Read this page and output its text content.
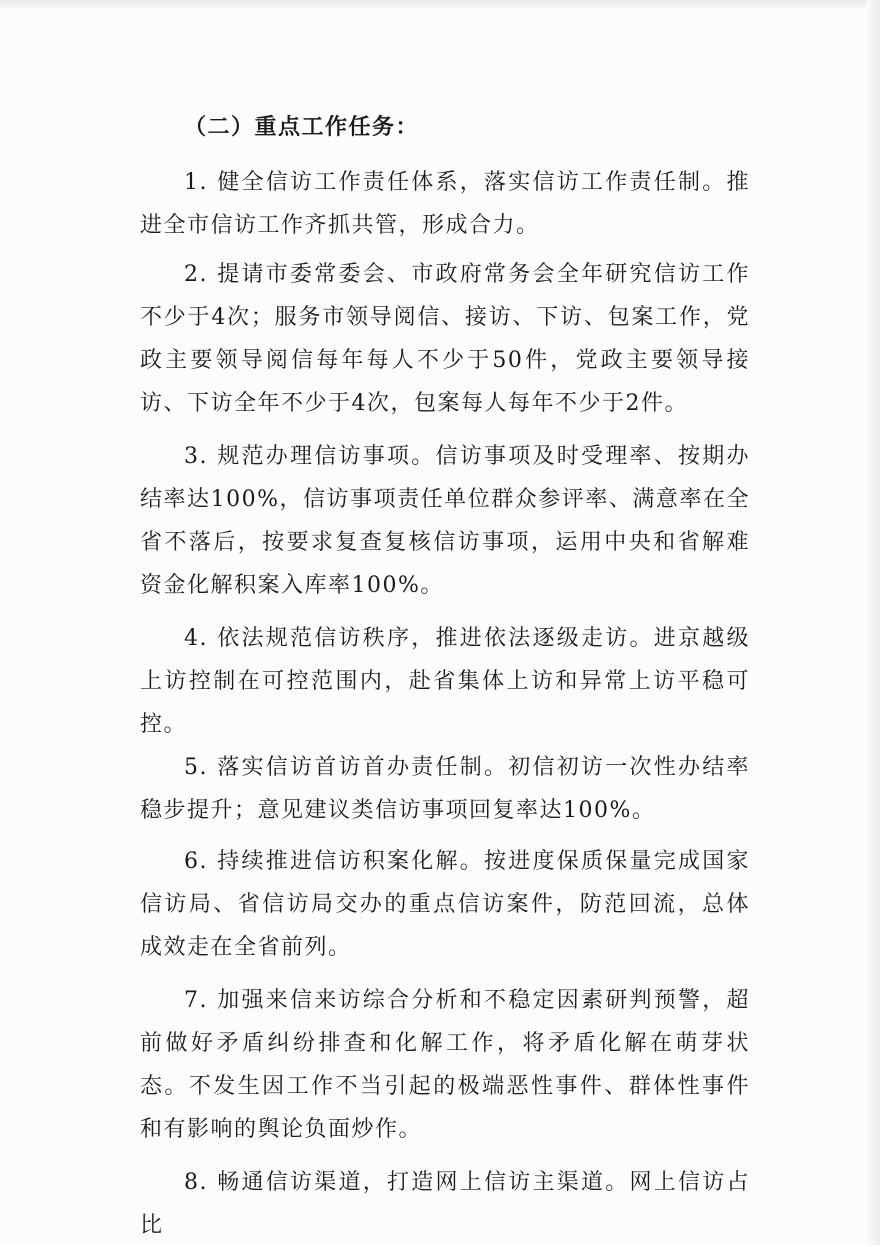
（二）重点工作任务：

1. 健全信访工作责任体系，落实信访工作责任制。推进全市信访工作齐抓共管，形成合力。

2. 提请市委常委会、市政府常务会全年研究信访工作不少于4次；服务市领导阅信、接访、下访、包案工作，党政主要领导阅信每年每人不少于50件，党政主要领导接访、下访全年不少于4次，包案每人每年不少于2件。

3. 规范办理信访事项。信访事项及时受理率、按期办结率达100%，信访事项责任单位群众参评率、满意率在全省不落后，按要求复查复核信访事项，运用中央和省解难资金化解积案入库率100%。

4. 依法规范信访秩序，推进依法逐级走访。进京越级上访控制在可控范围内，赴省集体上访和异常上访平稳可控。

5. 落实信访首访首办责任制。初信初访一次性办结率稳步提升；意见建议类信访事项回复率达100%。

6. 持续推进信访积案化解。按进度保质保量完成国家信访局、省信访局交办的重点信访案件，防范回流，总体成效走在全省前列。

7. 加强来信来访综合分析和不稳定因素研判预警，超前做好矛盾纠纷排查和化解工作，将矛盾化解在萌芽状态。不发生因工作不当引起的极端恶性事件、群体性事件和有影响的舆论负面炒作。

8. 畅通信访渠道，打造网上信访主渠道。网上信访占比
